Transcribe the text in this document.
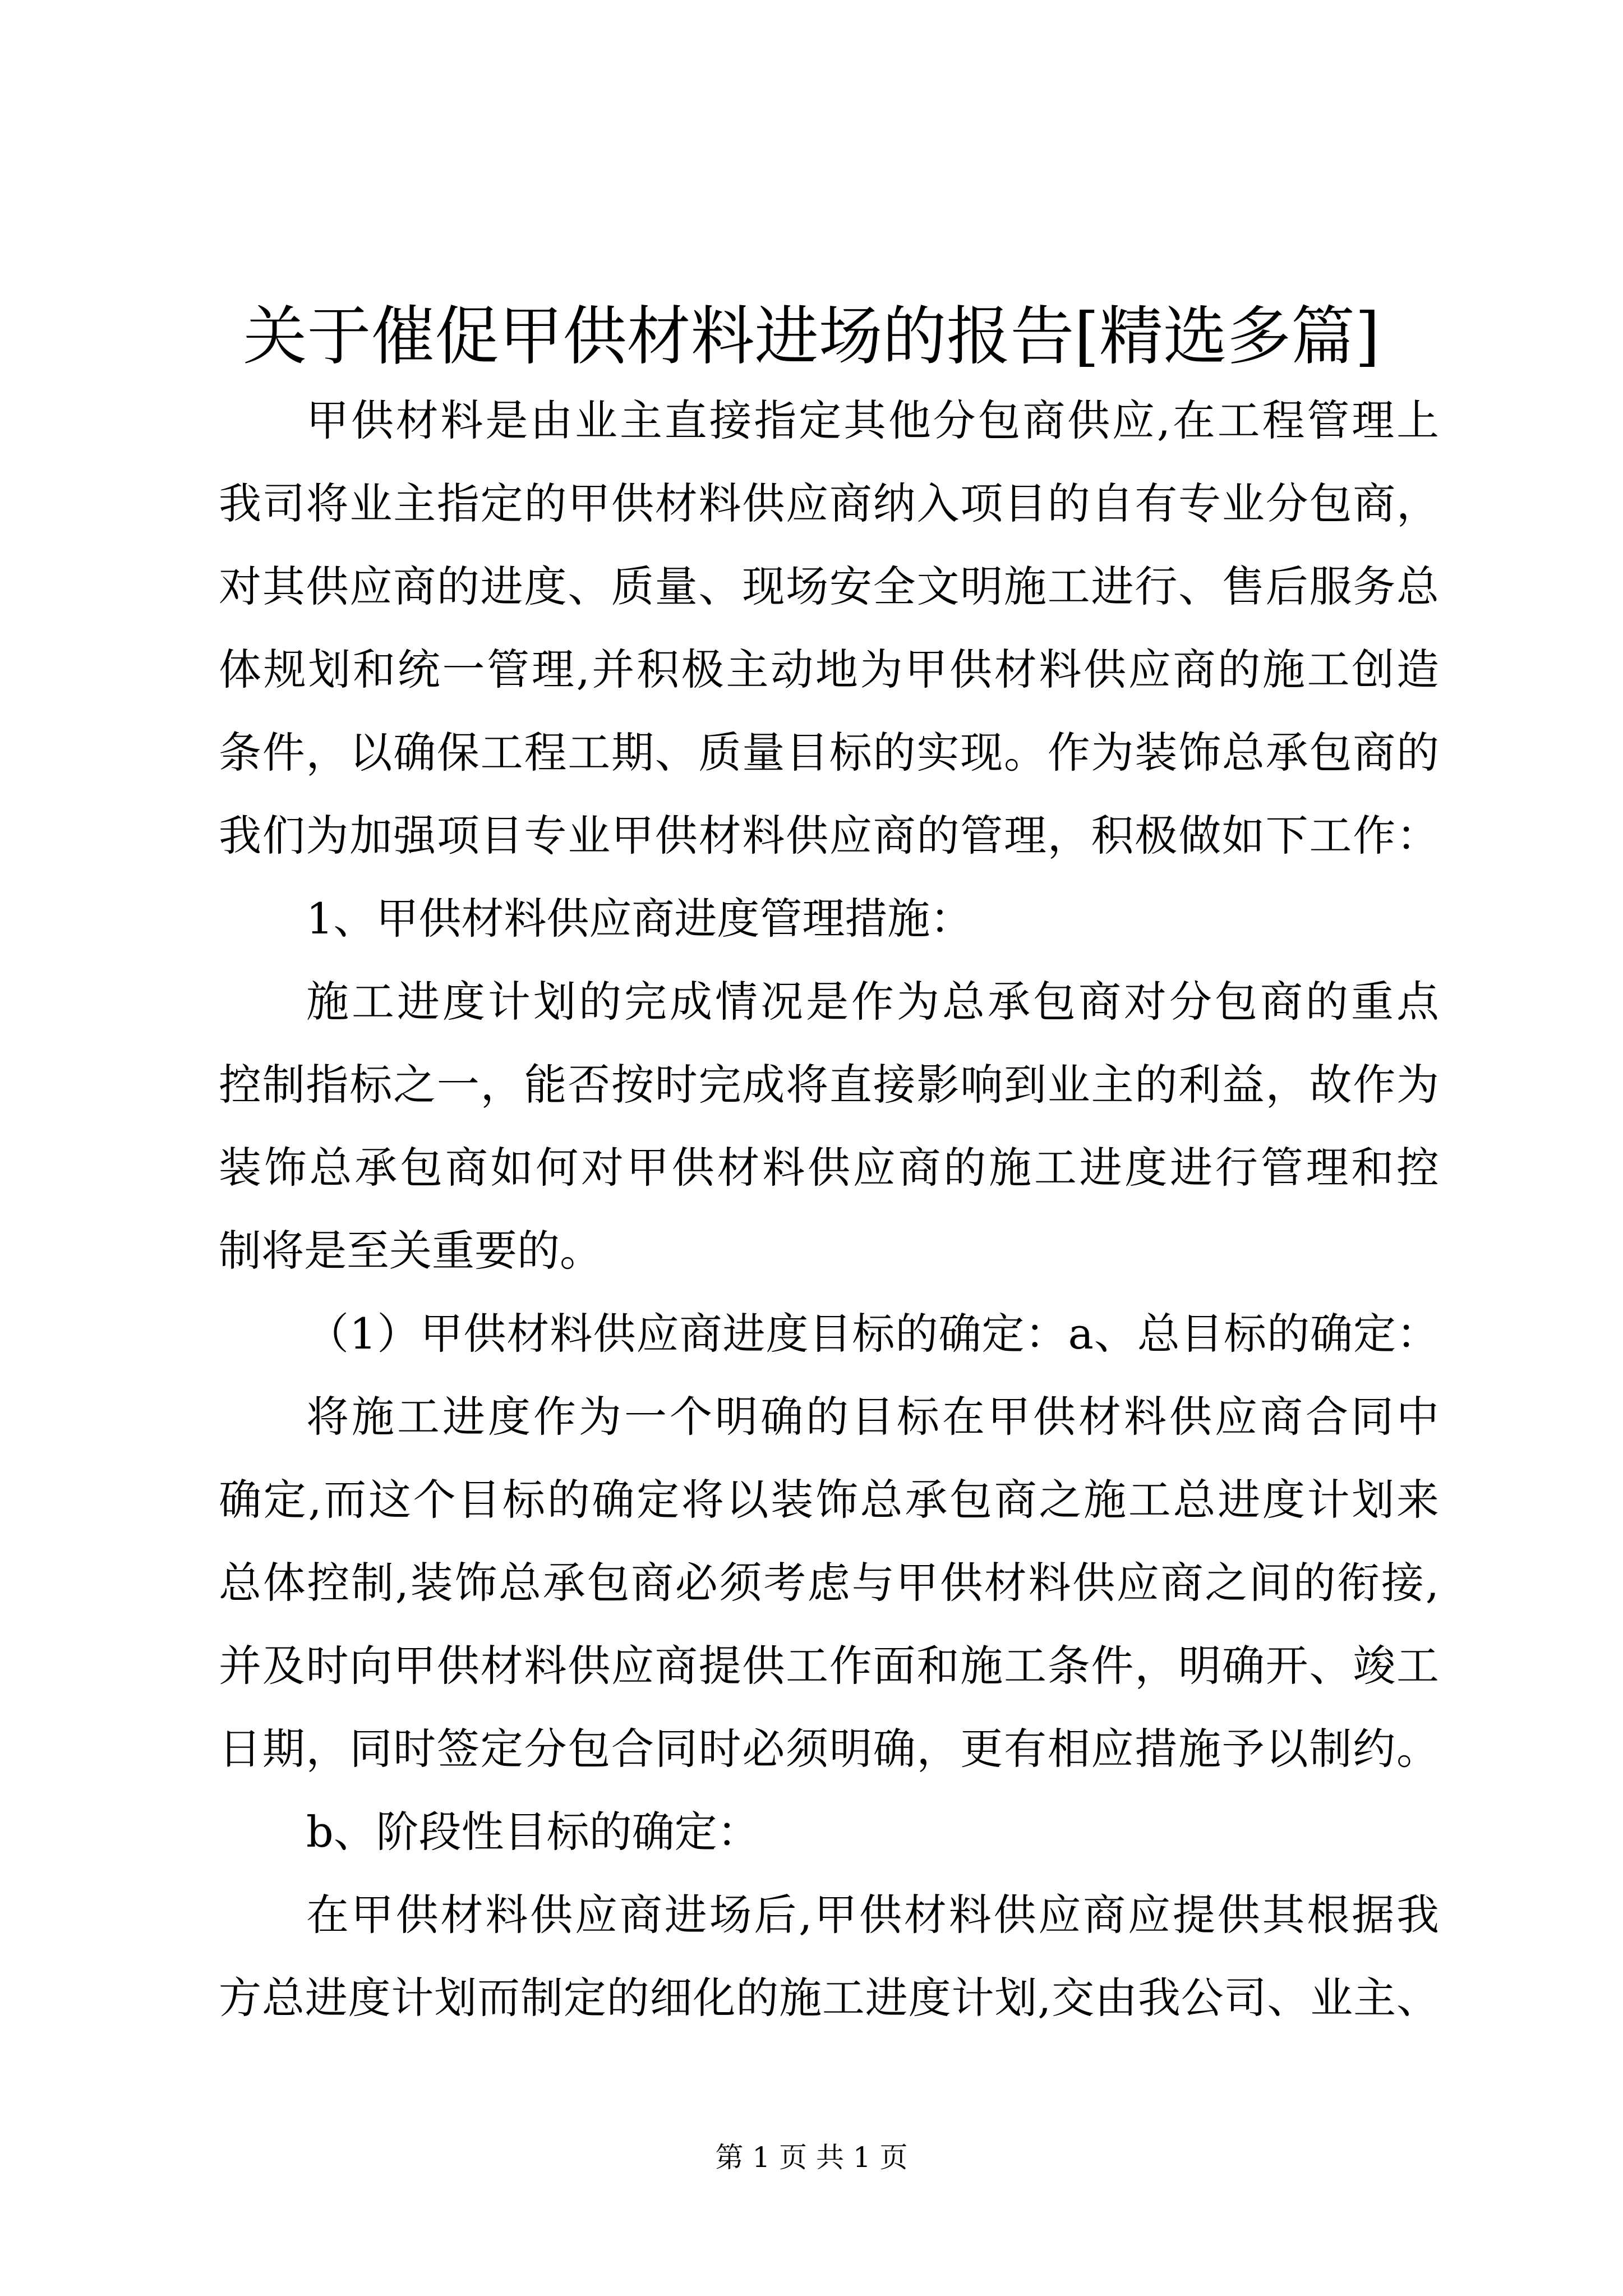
关于催促甲供材料进场的报告[精选多篇]
甲供材料是由业主直接指定其他分包商供应,在工程管理上
我司将业主指定的甲供材料供应商纳入项目的自有专业分包商，
对其供应商的进度、质量、现场安全文明施工进行、售后服务总
体规划和统一管理,并积极主动地为甲供材料供应商的施工创造
条件，以确保工程工期、质量目标的实现。作为装饰总承包商的
我们为加强项目专业甲供材料供应商的管理，积极做如下工作：
1、甲供材料供应商进度管理措施：
施工进度计划的完成情况是作为总承包商对分包商的重点
控制指标之一，能否按时完成将直接影响到业主的利益，故作为
装饰总承包商如何对甲供材料供应商的施工进度进行管理和控
制将是至关重要的。
（1）甲供材料供应商进度目标的确定：a、总目标的确定：
将施工进度作为一个明确的目标在甲供材料供应商合同中
确定,而这个目标的确定将以装饰总承包商之施工总进度计划来
总体控制,装饰总承包商必须考虑与甲供材料供应商之间的衔接,
并及时向甲供材料供应商提供工作面和施工条件，明确开、竣工
日期，同时签定分包合同时必须明确，更有相应措施予以制约。
b、阶段性目标的确定：
在甲供材料供应商进场后,甲供材料供应商应提供其根据我
方总进度计划而制定的细化的施工进度计划,交由我公司、业主、
第 1 页 共 1 页
